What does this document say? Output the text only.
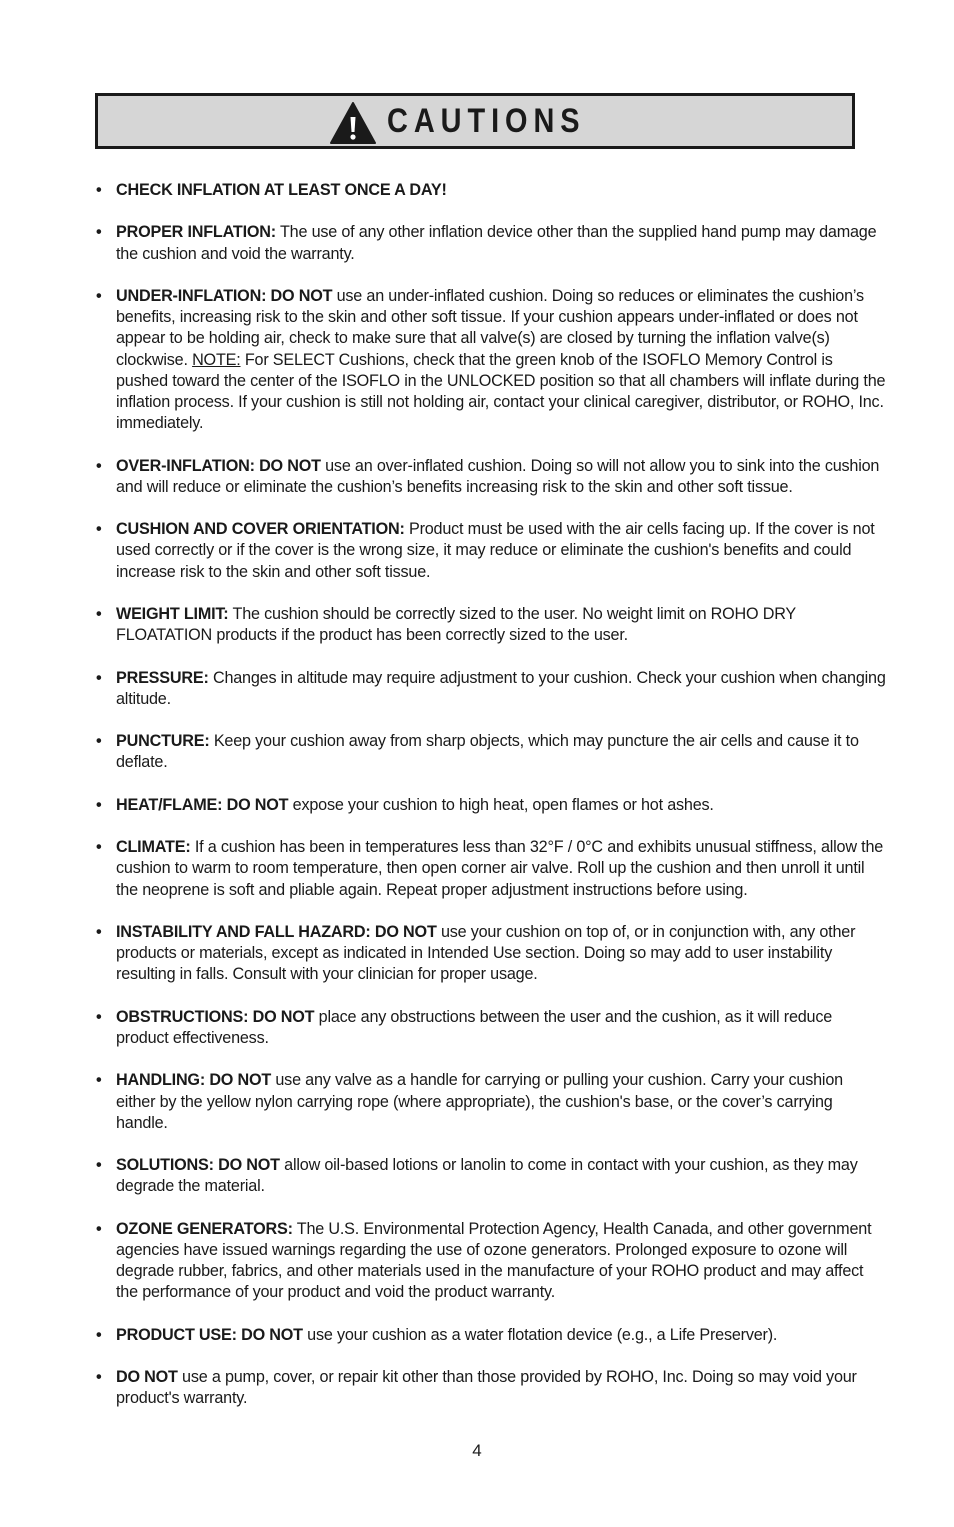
CAUTIONS
• CHECK INFLATION AT LEAST ONCE A DAY!
• PROPER INFLATION: The use of any other inflation device other than the supplied hand pump may damage the cushion and void the warranty.
• UNDER-INFLATION: DO NOT use an under-inflated cushion. Doing so reduces or eliminates the cushion’s benefits, increasing risk to the skin and other soft tissue. If your cushion appears under-inflated or does not appear to be holding air, check to make sure that all valve(s) are closed by turning the inflation valve(s) clockwise. NOTE: For SELECT Cushions, check that the green knob of the ISOFLO Memory Control is pushed toward the center of the ISOFLO in the UNLOCKED position so that all chambers will inflate during the inflation process. If your cushion is still not holding air, contact your clinical caregiver, distributor, or ROHO, Inc. immediately.
• OVER-INFLATION: DO NOT use an over-inflated cushion. Doing so will not allow you to sink into the cushion and will reduce or eliminate the cushion’s benefits increasing risk to the skin and other soft tissue.
• CUSHION AND COVER ORIENTATION: Product must be used with the air cells facing up. If the cover is not used correctly or if the cover is the wrong size, it may reduce or eliminate the cushion's benefits and could increase risk to the skin and other soft tissue.
• WEIGHT LIMIT: The cushion should be correctly sized to the user. No weight limit on ROHO DRY FLOATATION products if the product has been correctly sized to the user.
• PRESSURE: Changes in altitude may require adjustment to your cushion. Check your cushion when changing altitude.
• PUNCTURE: Keep your cushion away from sharp objects, which may puncture the air cells and cause it to deflate.
• HEAT/FLAME: DO NOT expose your cushion to high heat, open flames or hot ashes.
• CLIMATE: If a cushion has been in temperatures less than 32°F / 0°C and exhibits unusual stiffness, allow the cushion to warm to room temperature, then open corner air valve. Roll up the cushion and then unroll it until the neoprene is soft and pliable again. Repeat proper adjustment instructions before using.
• INSTABILITY AND FALL HAZARD: DO NOT use your cushion on top of, or in conjunction with, any other products or materials, except as indicated in Intended Use section. Doing so may add to user instability resulting in falls. Consult with your clinician for proper usage.
• OBSTRUCTIONS: DO NOT place any obstructions between the user and the cushion, as it will reduce product effectiveness.
• HANDLING: DO NOT use any valve as a handle for carrying or pulling your cushion. Carry your cushion either by the yellow nylon carrying rope (where appropriate), the cushion's base, or the cover’s carrying handle.
• SOLUTIONS: DO NOT allow oil-based lotions or lanolin to come in contact with your cushion, as they may degrade the material.
• OZONE GENERATORS: The U.S. Environmental Protection Agency, Health Canada, and other government agencies have issued warnings regarding the use of ozone generators. Prolonged exposure to ozone will degrade rubber, fabrics, and other materials used in the manufacture of your ROHO product and may affect the performance of your product and void the product warranty.
• PRODUCT USE: DO NOT use your cushion as a water flotation device (e.g., a Life Preserver).
• DO NOT use a pump, cover, or repair kit other than those provided by ROHO, Inc. Doing so may void your product's warranty.
4
